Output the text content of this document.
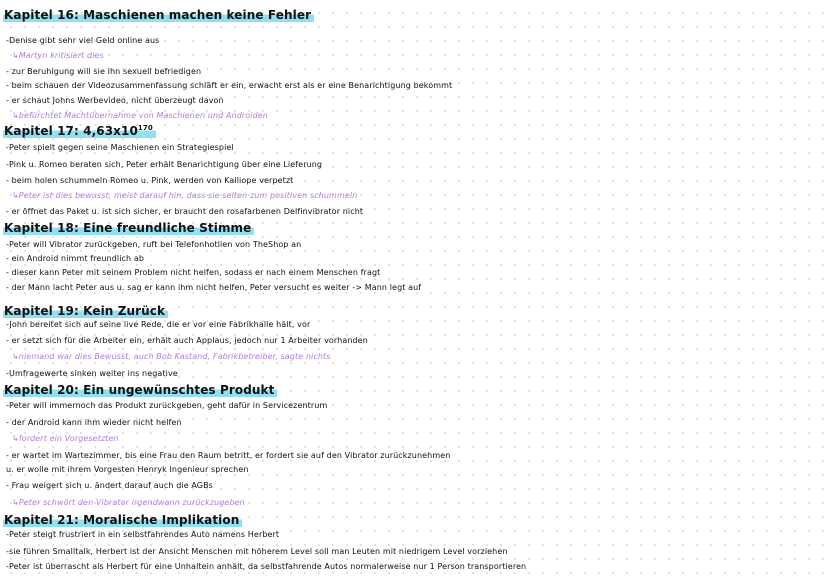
Kapitel 16: Maschienen machen keine Fehler
-Denise gibt sehr viel Geld online aus
↳Martyn kritisiert dies
- zur Beruhigung will sie ihn sexuell befriedigen
- beim schauen der Videozusammenfassung schläft er ein, erwacht erst als er eine Benarichtigung bekommt
- er schaut Johns Werbevideo, nicht überzeugt davon
↳befürchtet Machtübernahme von Maschienen und Androiden
Kapitel 17: $4,63x10^{170}$
-Peter spielt gegen seine Maschienen ein Strategiespiel
-Pink u. Romeo beraten sich, Peter erhält Benarichtigung über eine Lieferung
- beim holen schummeln Romeo u. Pink, werden von Kalliope verpetzt
↳Peter ist dies bewusst, meist darauf hin, dass sie selten zum positiven schummeln
- er öffnet das Paket u. ist sich sicher, er braucht den rosafarbenen Delfinvibrator nicht
Kapitel 18: Eine freundliche Stimme
-Peter will Vibrator zurückgeben, ruft bei Telefonhotlien von TheShop an
- ein Android nimmt freundlich ab
- dieser kann Peter mit seinem Problem nicht helfen, sodass er nach einem Menschen fragt
- der Mann lacht Peter aus u. sag er kann ihm nicht helfen, Peter versucht es weiter -> Mann legt auf
Kapitel 19: Kein Zurück
-John bereitet sich auf seine live Rede, die er vor eine Fabrikhalle hält, vor
- er setzt sich für die Arbeiter ein, erhält auch Applaus, jedoch nur 1 Arbeiter vorhanden
↳niemand war dies Bewusst, auch Bob Kastand, Fabrikbetreiber, sagte nichts
-Umfragewerte sinken weiter ins negative
Kapitel 20: Ein ungewünschtes Produkt
-Peter will immernoch das Produkt zurückgeben, geht dafür in Servicezentrum
- der Android kann ihm wieder nicht helfen
↳fordert ein Vorgesetzten
- er wartet im Wartezimmer, bis eine Frau den Raum betritt, er fordert sie auf den Vibrator zurückzunehmen
u. er wolle mit ihrem Vorgesten Henryk Ingenieur sprechen
- Frau weigert sich u. ändert darauf auch die AGBs
↳Peter schwört den Vibrator irgendwann zurückzugeben
Kapitel 21: Moralische Implikation
-Peter steigt frustriert in ein selbstfahrendes Auto namens Herbert
-sie führen Smalltalk, Herbert ist der Ansicht Menschen mit höherem Level soll man Leuten mit niedrigem Level vorziehen
-Peter ist überrascht als Herbert für eine Unhaltein anhält, da selbstfahrende Autos normalerweise nur 1 Person transportieren
